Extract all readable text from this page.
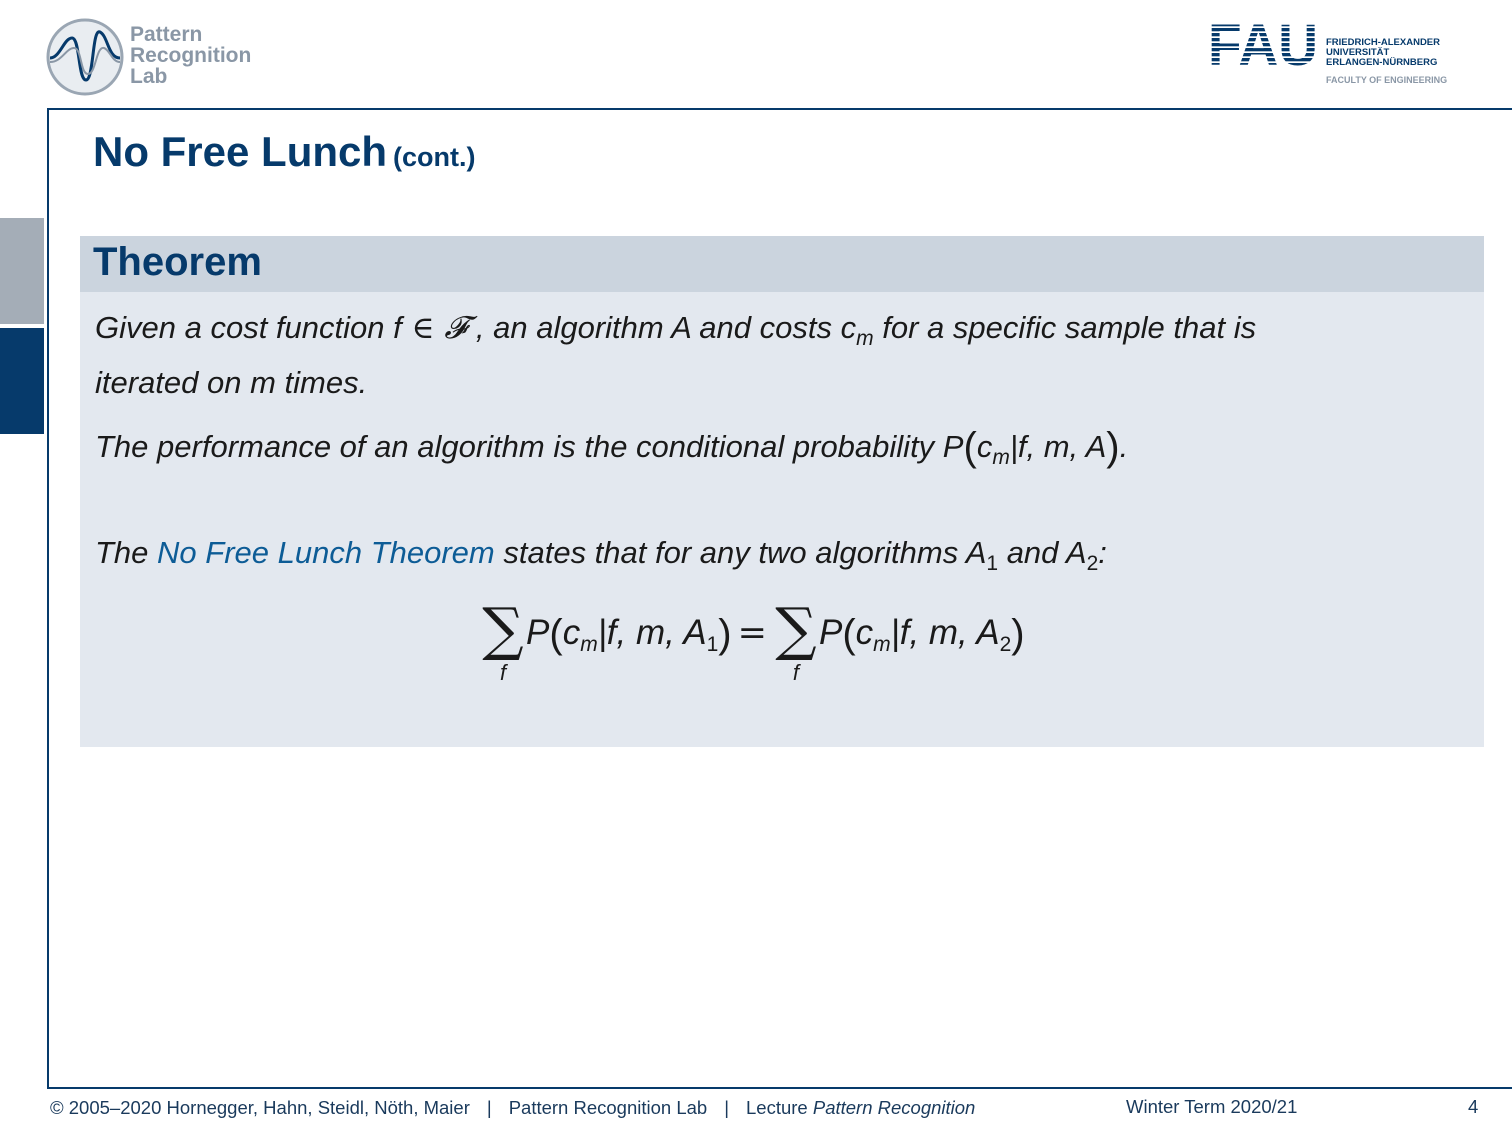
Pattern
Recognition
Lab	FAU FRIEDRICH-ALEXANDER
UNIVERSITÄT
ERLANGEN-NÜRNBERG
FACULTY OF ENGINEERING
No Free Lunch (cont.)
Theorem
Given a cost function f ∈ 𝓕 , an algorithm A and costs $c_m$ for a specific sample that is
iterated on m times.
The performance of an algorithm is the conditional probability $P(c_m|f$, m, A).
The No Free Lunch Theorem states that for any two algorithms $A_1$ and $A_2$:
∑
f
$P(c_m|f$, m, $A_1$) = ∑
f
$P(c_m|f$, m, $A_2$)
© 2005–2020 Hornegger, Hahn, Steidl, Nöth, Maier | Pattern Recognition Lab | Lecture Pattern Recognition	Winter Term 2020/21	4
